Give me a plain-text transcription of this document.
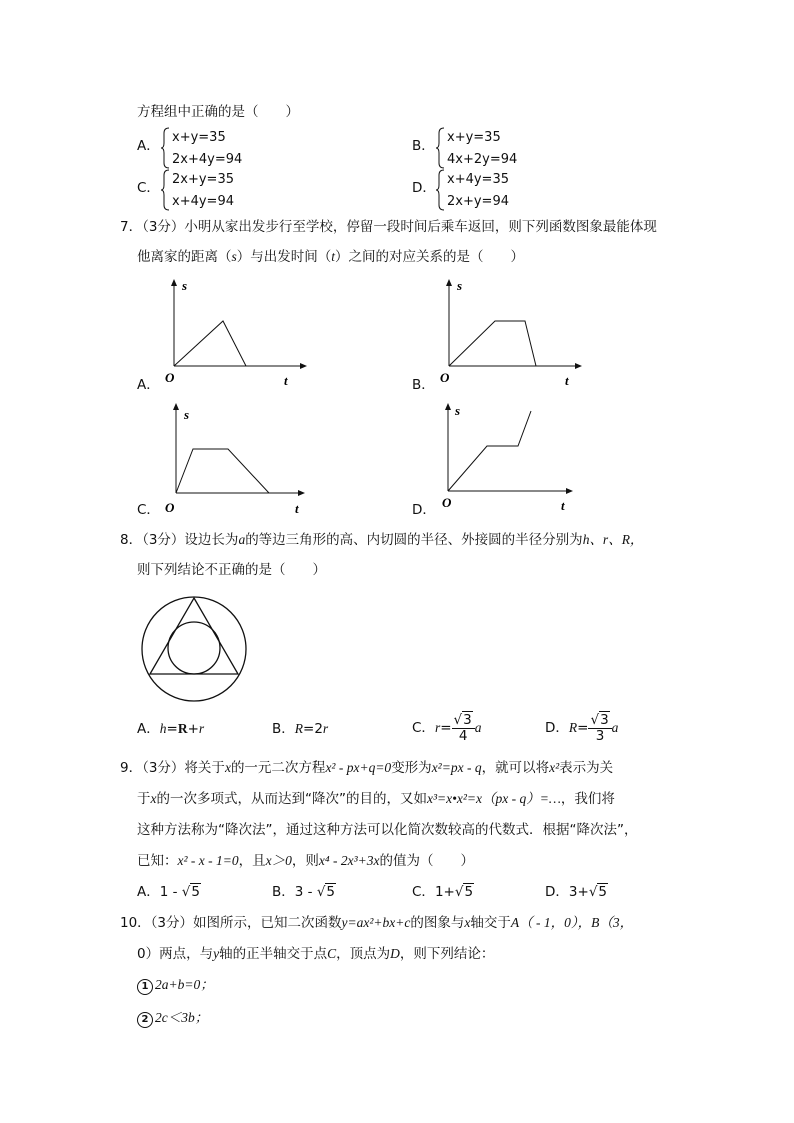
方程组中正确的是（　　）
A．
x+y=35
2x+4y=94
B．
x+y=35
4x+2y=94
C．
2x+y=35
x+4y=94
D．
x+4y=35
2x+y=94
7．（3分）小明从家出发步行至学校，停留一段时间后乘车返回，则下列函数图象最能体现
他离家的距离（s）与出发时间（t）之间的对应关系的是（　　）
A．
s
t
O	B．
s
t
O
C．
s
t
O	D．
s
t
O
8．（3分）设边长为a的等边三角形的高、内切圆的半径、外接圆的半径分别为h、r、R，
则下列结论不正确的是（　　）
A．h=R+r	B．R=2r	C．$r= \frac{√3}{4}$ a	D．$R= \frac{√3}{3}$ a
9．（3分）将关于x的一元二次方程x² - px+q=0变形为x²=px - q，就可以将x²表示为关
于x的一次多项式，从而达到“降次”的目的，又如x³=x•x²=x（px - q）=…，我们将
这种方法称为“降次法”，通过这种方法可以化简次数较高的代数式．根据“降次法”，
已知：x² - x - 1=0，且x＞0，则x⁴ - 2x³+3x的值为（　　）
A．1 - √5	B．3 - √5	C．1+√5	D．3+√5
10．（3分）如图所示，已知二次函数y=ax²+bx+c的图象与x轴交于A（ - 1，0），B（3，
0）两点，与y轴的正半轴交于点C，顶点为D，则下列结论：
1 2a+b=0；
2 2c＜3b；
